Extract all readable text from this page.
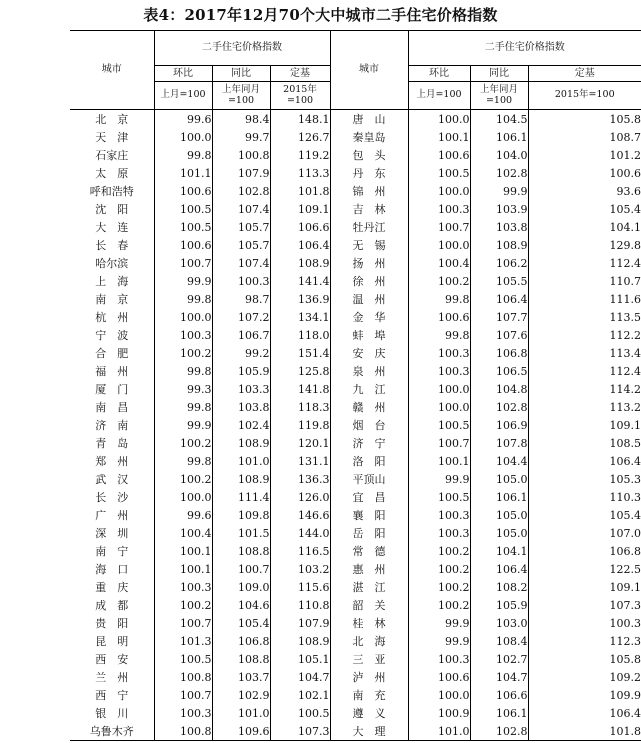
表4：2017年12月70个大中城市二手住宅价格指数
城市	二手住宅价格指数			城市	二手住宅价格指数		
	环比	同比	定基		环比	同比	定基
	上月=100	上年同月=100	2015年=100		上月=100	上年同月=100	2015年=100
北　京	99.6	98.4	148.1	唐　山	100.0	104.5	105.8
天　津	100.0	99.7	126.7	秦皇岛	100.1	106.1	108.7
石家庄	99.8	100.8	119.2	包　头	100.6	104.0	101.2
太　原	101.1	107.9	113.3	丹　东	100.5	102.8	100.6
呼和浩特	100.6	102.8	101.8	锦　州	100.0	99.9	93.6
沈　阳	100.5	107.4	109.1	吉　林	100.3	103.9	105.4
大　连	100.5	105.7	106.6	牡丹江	100.7	103.8	104.1
长　春	100.6	105.7	106.4	无　锡	100.0	108.9	129.8
哈尔滨	100.7	107.4	108.9	扬　州	100.4	106.2	112.4
上　海	99.9	100.3	141.4	徐　州	100.2	105.5	110.7
南　京	99.8	98.7	136.9	温　州	99.8	106.4	111.6
杭　州	100.0	107.2	134.1	金　华	100.6	107.7	113.5
宁　波	100.3	106.7	118.0	蚌　埠	99.8	107.6	112.2
合　肥	100.2	99.2	151.4	安　庆	100.3	106.8	113.4
福　州	99.8	105.9	125.8	泉　州	100.3	106.5	112.4
厦　门	99.3	103.3	141.8	九　江	100.0	104.8	114.2
南　昌	99.8	103.8	118.3	赣　州	100.0	102.8	113.2
济　南	99.9	102.4	119.8	烟　台	100.5	106.9	109.1
青　岛	100.2	108.9	120.1	济　宁	100.7	107.8	108.5
郑　州	99.8	101.0	131.1	洛　阳	100.1	104.4	106.4
武　汉	100.2	108.9	136.3	平顶山	99.9	105.0	105.3
长　沙	100.0	111.4	126.0	宜　昌	100.5	106.1	110.3
广　州	99.6	109.8	146.6	襄　阳	100.3	105.0	105.4
深　圳	100.4	101.5	144.0	岳　阳	100.3	105.0	107.0
南　宁	100.1	108.8	116.5	常　德	100.2	104.1	106.8
海　口	100.1	100.7	103.2	惠　州	100.2	106.4	122.5
重　庆	100.3	109.0	115.6	湛　江	100.2	108.2	109.1
成　都	100.2	104.6	110.8	韶　关	100.2	105.9	107.3
贵　阳	100.7	105.4	107.9	桂　林	99.9	103.0	100.3
昆　明	101.3	106.8	108.9	北　海	99.9	108.4	112.3
西　安	100.5	108.8	105.1	三　亚	100.3	102.7	105.8
兰　州	100.8	103.7	104.7	泸　州	100.6	104.7	109.2
西　宁	100.7	102.9	102.1	南　充	100.0	106.6	109.9
银　川	100.3	101.0	100.5	遵　义	100.9	106.1	106.4
乌鲁木齐	100.8	109.6	107.3	大　理	101.0	102.8	101.8
